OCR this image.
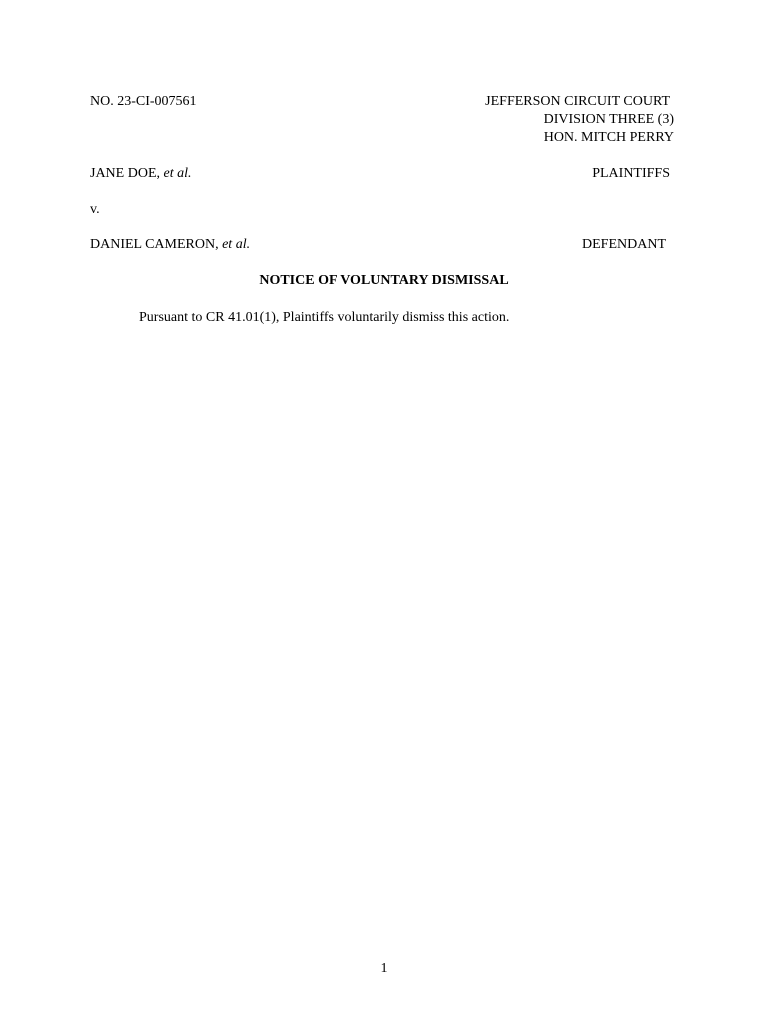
NO. 23-CI-007561	JEFFERSON CIRCUIT COURT
DIVISION THREE (3)
HON. MITCH PERRY
JANE DOE, et al.	PLAINTIFFS
v.
DANIEL CAMERON, et al.	DEFENDANT
NOTICE OF VOLUNTARY DISMISSAL
Pursuant to CR 41.01(1), Plaintiffs voluntarily dismiss this action.
1
